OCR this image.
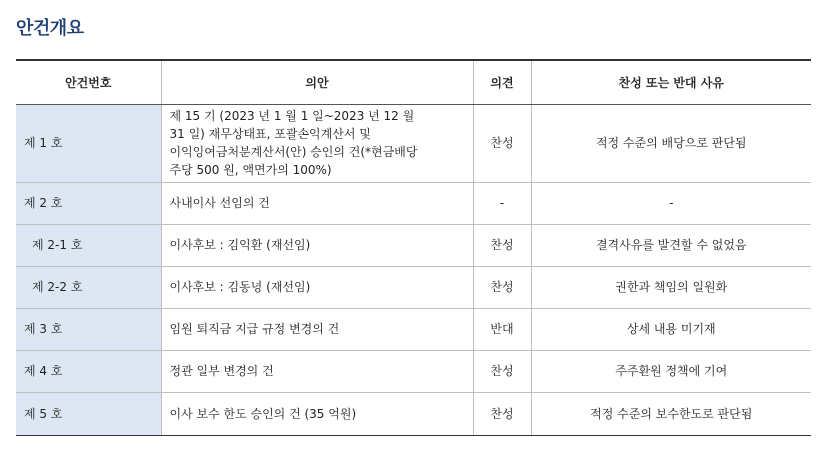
안건개요
안건번호	의안	의견	찬성 또는 반대 사유
제 1 호	제 15 기 (2023 년 1 월 1 일~2023 년 12 월
31 일) 재무상태표, 포괄손익계산서 및
이익잉여금처분계산서(안) 승인의 건(*현금배당
주당 500 원, 액면가의 100%)	찬성	적정 수준의 배당으로 판단됨
제 2 호	사내이사 선임의 건	-	-
제 2-1 호	이사후보 : 김익환 (재선임)	찬성	결격사유를 발견할 수 없었음
제 2-2 호	이사후보 : 김동녕 (재선임)	찬성	권한과 책임의 일원화
제 3 호	임원 퇴직금 지급 규정 변경의 건	반대	상세 내용 미기재
제 4 호	정관 일부 변경의 건	찬성	주주환원 정책에 기여
제 5 호	이사 보수 한도 승인의 건 (35 억원)	찬성	적정 수준의 보수한도로 판단됨
